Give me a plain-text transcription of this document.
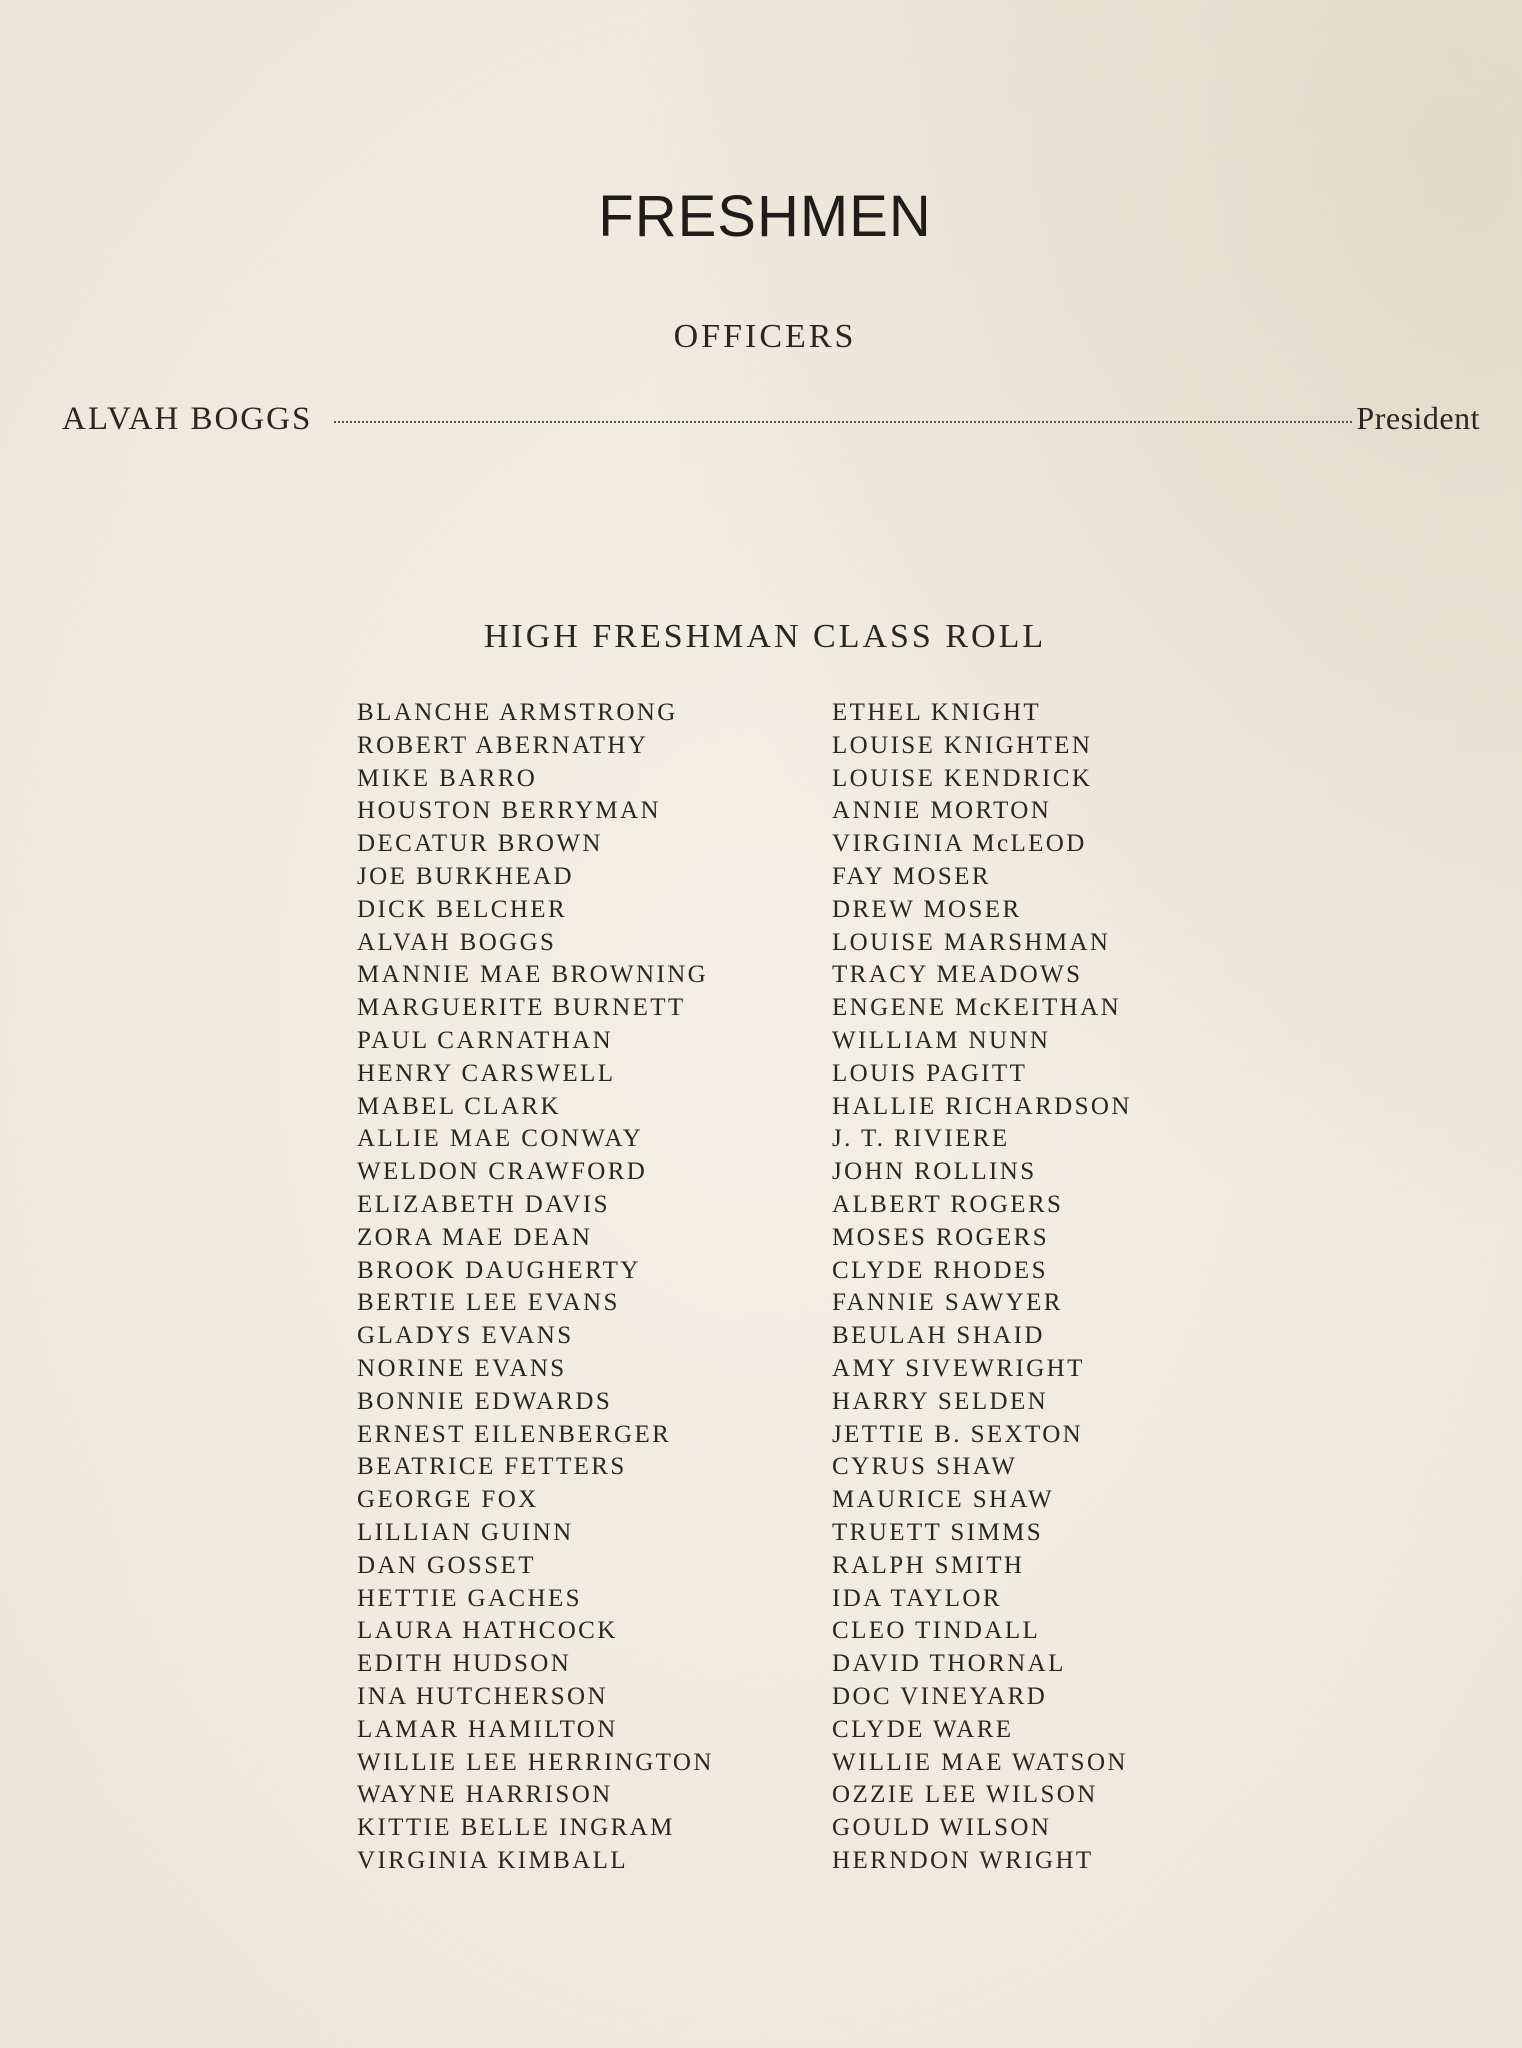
FRESHMEN
OFFICERS
ALVAH BOGGS	President
HIGH FRESHMAN CLASS ROLL
BLANCHE ARMSTRONG
ROBERT ABERNATHY
MIKE BARRO
HOUSTON BERRYMAN
DECATUR BROWN
JOE BURKHEAD
DICK BELCHER
ALVAH BOGGS
MANNIE MAE BROWNING
MARGUERITE BURNETT
PAUL CARNATHAN
HENRY CARSWELL
MABEL CLARK
ALLIE MAE CONWAY
WELDON CRAWFORD
ELIZABETH DAVIS
ZORA MAE DEAN
BROOK DAUGHERTY
BERTIE LEE EVANS
GLADYS EVANS
NORINE EVANS
BONNIE EDWARDS
ERNEST EILENBERGER
BEATRICE FETTERS
GEORGE FOX
LILLIAN GUINN
DAN GOSSET
HETTIE GACHES
LAURA HATHCOCK
EDITH HUDSON
INA HUTCHERSON
LAMAR HAMILTON
WILLIE LEE HERRINGTON
WAYNE HARRISON
KITTIE BELLE INGRAM
VIRGINIA KIMBALL
ETHEL KNIGHT
LOUISE KNIGHTEN
LOUISE KENDRICK
ANNIE MORTON
VIRGINIA McLEOD
FAY MOSER
DREW MOSER
LOUISE MARSHMAN
TRACY MEADOWS
ENGENE McKEITHAN
WILLIAM NUNN
LOUIS PAGITT
HALLIE RICHARDSON
J. T. RIVIERE
JOHN ROLLINS
ALBERT ROGERS
MOSES ROGERS
CLYDE RHODES
FANNIE SAWYER
BEULAH SHAID
AMY SIVEWRIGHT
HARRY SELDEN
JETTIE B. SEXTON
CYRUS SHAW
MAURICE SHAW
TRUETT SIMMS
RALPH SMITH
IDA TAYLOR
CLEO TINDALL
DAVID THORNAL
DOC VINEYARD
CLYDE WARE
WILLIE MAE WATSON
OZZIE LEE WILSON
GOULD WILSON
HERNDON WRIGHT
